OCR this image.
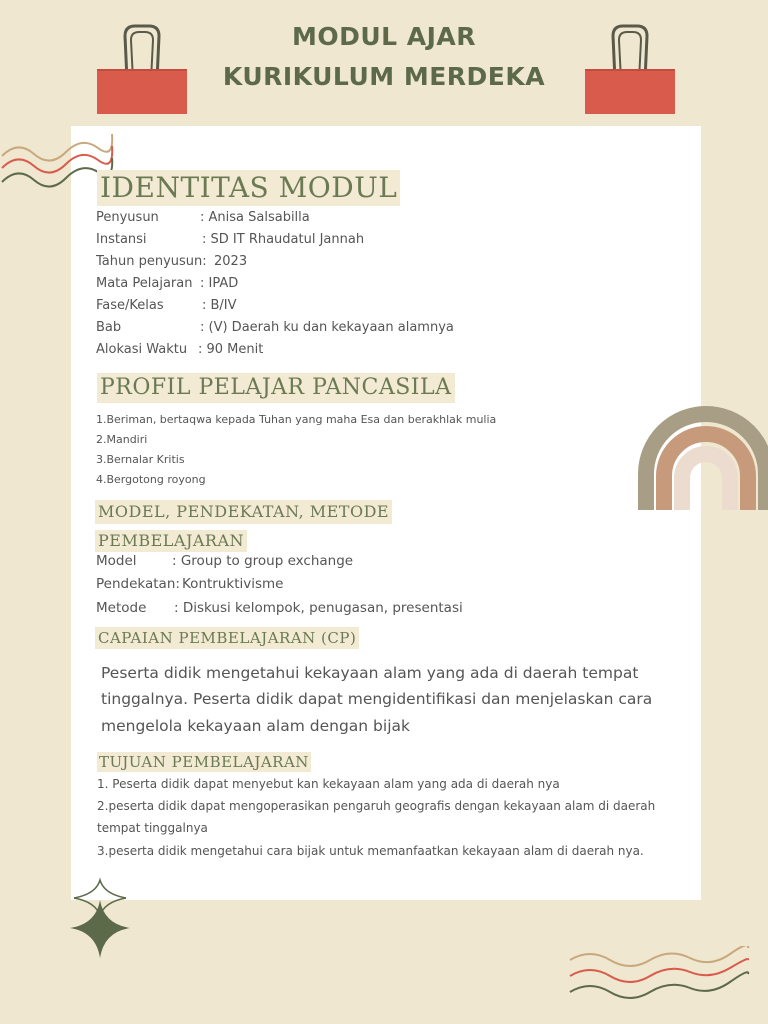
MODUL AJAR
KURIKULUM MERDEKA
IDENTITAS MODUL
Penyusun	: Anisa Salsabilla
Instansi	: SD IT Rhaudatul Jannah
Tahun penyusun: 2023
Mata Pelajaran : IPAD
Fase/Kelas	: B/IV
Bab	: (V) Daerah ku dan kekayaan alamnya
Alokasi Waktu : 90 Menit
PROFIL PELAJAR PANCASILA
1.Beriman, bertaqwa kepada Tuhan yang maha Esa dan berakhlak mulia
2.Mandiri
3.Bernalar Kritis
4.Bergotong royong
MODEL, PENDEKATAN, METODE
PEMBELAJARAN
Model	: Group to group exchange
Pendekatan: Kontruktivisme
Metode : Diskusi kelompok, penugasan, presentasi
CAPAIAN PEMBELAJARAN (CP)
Peserta didik mengetahui kekayaan alam yang ada di daerah tempat
tinggalnya. Peserta didik dapat mengidentifikasi dan menjelaskan cara
mengelola kekayaan alam dengan bijak
TUJUAN PEMBELAJARAN
1. Peserta didik dapat menyebut kan kekayaan alam yang ada di daerah nya
2.peserta didik dapat mengoperasikan pengaruh geografis dengan kekayaan alam di daerah
tempat tinggalnya
3.peserta didik mengetahui cara bijak untuk memanfaatkan kekayaan alam di daerah nya.
